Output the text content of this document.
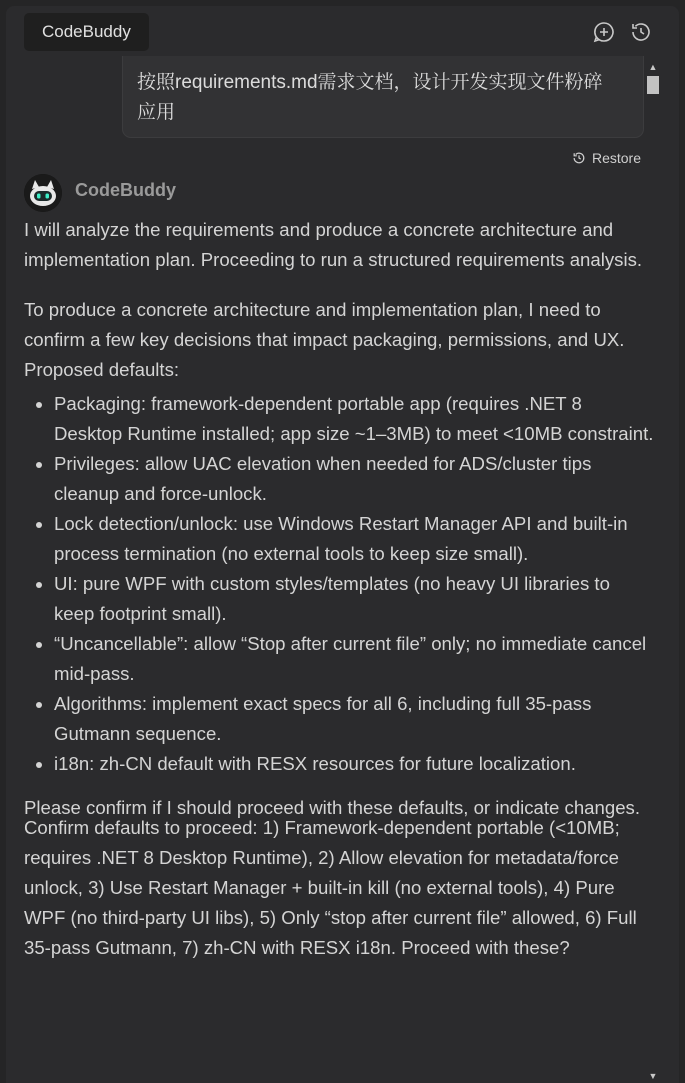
CodeBuddy
▲
▼
按照requirements.md需求文档，设计开发实现文件粉碎应用
Restore
CodeBuddy

I will analyze the requirements and produce a concrete architecture and implementation plan. Proceeding to run a structured requirements analysis.

To produce a concrete architecture and implementation plan, I need to confirm a few key decisions that impact packaging, permissions, and UX. Proposed defaults:

• Packaging: framework-dependent portable app (requires .NET 8 Desktop Runtime installed; app size ~1–3MB) to meet <10MB constraint.
• Privileges: allow UAC elevation when needed for ADS/cluster tips cleanup and force-unlock.
• Lock detection/unlock: use Windows Restart Manager API and built-in process termination (no external tools to keep size small).
• UI: pure WPF with custom styles/templates (no heavy UI libraries to keep footprint small).
• “Uncancellable”: allow “Stop after current file” only; no immediate cancel mid-pass.
• Algorithms: implement exact specs for all 6, including full 35-pass Gutmann sequence.
• i18n: zh-CN default with RESX resources for future localization.

Please confirm if I should proceed with these defaults, or indicate changes.

Confirm defaults to proceed: 1) Framework-dependent portable (<10MB; requires .NET 8 Desktop Runtime), 2) Allow elevation for metadata/force unlock, 3) Use Restart Manager + built-in kill (no external tools), 4) Pure WPF (no third-party UI libs), 5) Only “stop after current file” allowed, 6) Full 35-pass Gutmann, 7) zh-CN with RESX i18n. Proceed with these?
